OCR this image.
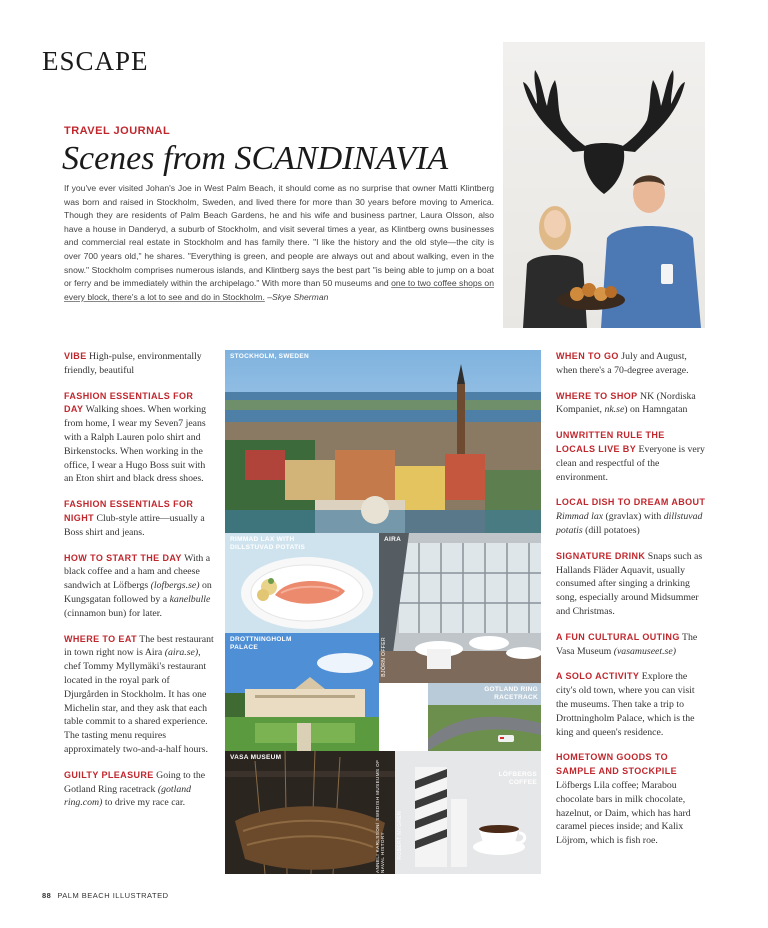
ESCAPE
TRAVEL JOURNAL
Scenes from SCANDINAVIA
If you've ever visited Johan's Joe in West Palm Beach, it should come as no surprise that owner Matti Klintberg was born and raised in Stockholm, Sweden, and lived there for more than 30 years before moving to America. Though they are residents of Palm Beach Gardens, he and his wife and business partner, Laura Olsson, also have a house in Danderyd, a suburb of Stockholm, and visit several times a year, as Klintberg owns businesses and commercial real estate in Stockholm and has family there. "I like the history and the old style—the city is over 700 years old," he shares. "Everything is green, and people are always out and about walking, even in the snow." Stockholm comprises numerous islands, and Klintberg says the best part "is being able to jump on a boat or ferry and be immediately within the archipelago." With more than 50 museums and one to two coffee shops on every block, there's a lot to see and do in Stockholm. –Skye Sherman
STOCKHOLM, SWEDEN
RIMMAD LAX WITH DILLSTUVAD POTATIS
AIRA
BJÖRN OFFER
DROTTNINGHOLM PALACE
GOTLAND RING RACETRACK
VASA MUSEUM
ANNELI KARLSSON/ SWEDISH MUSEUMS OF NAVAL HISTORY
LÖFBERGS COFFEE
ROBERT NYGREN

VIBE High-pulse, environmentally friendly, beautiful

FASHION ESSENTIALS FOR DAY Walking shoes. When working from home, I wear my Seven7 jeans with a Ralph Lauren polo shirt and Birkenstocks. When working in the office, I wear a Hugo Boss suit with an Eton shirt and black dress shoes.

FASHION ESSENTIALS FOR NIGHT Club-style attire—usually a Boss shirt and jeans.

HOW TO START THE DAY With a black coffee and a ham and cheese sandwich at Löfbergs (lofbergs.se) on Kungsgatan followed by a kanelbulle (cinnamon bun) for later.

WHERE TO EAT The best restaurant in town right now is Aira (aira.se), chef Tommy Myllymäki's restaurant located in the royal park of Djurgården in Stockholm. It has one Michelin star, and they ask that each table commit to a shared experience. The tasting menu requires approximately two-and-a-half hours.

GUILTY PLEASURE Going to the Gotland Ring racetrack (gotland ring.com) to drive my race car.

WHEN TO GO July and August, when there's a 70-degree average.

WHERE TO SHOP NK (Nordiska Kompaniet, nk.se) on Hamngatan

UNWRITTEN RULE THE LOCALS LIVE BY Everyone is very clean and respectful of the environment.

LOCAL DISH TO DREAM ABOUT
Rimmad lax (gravlax) with dillstuvad potatis (dill potatoes)

SIGNATURE DRINK Snaps such as Hallands Fläder Aquavit, usually consumed after singing a drinking song, especially around Midsummer and Christmas.

A FUN CULTURAL OUTING The Vasa Museum (vasamuseet.se)

A SOLO ACTIVITY Explore the city's old town, where you can visit the museums. Then take a trip to Drottningholm Palace, which is the king and queen's residence.

HOMETOWN GOODS TO SAMPLE AND STOCKPILE Löfbergs Lila coffee; Marabou chocolate bars in milk chocolate, hazelnut, or Daim, which has hard caramel pieces inside; and Kalix Löjrom, which is fish roe.

88 PALM BEACH ILLUSTRATED
